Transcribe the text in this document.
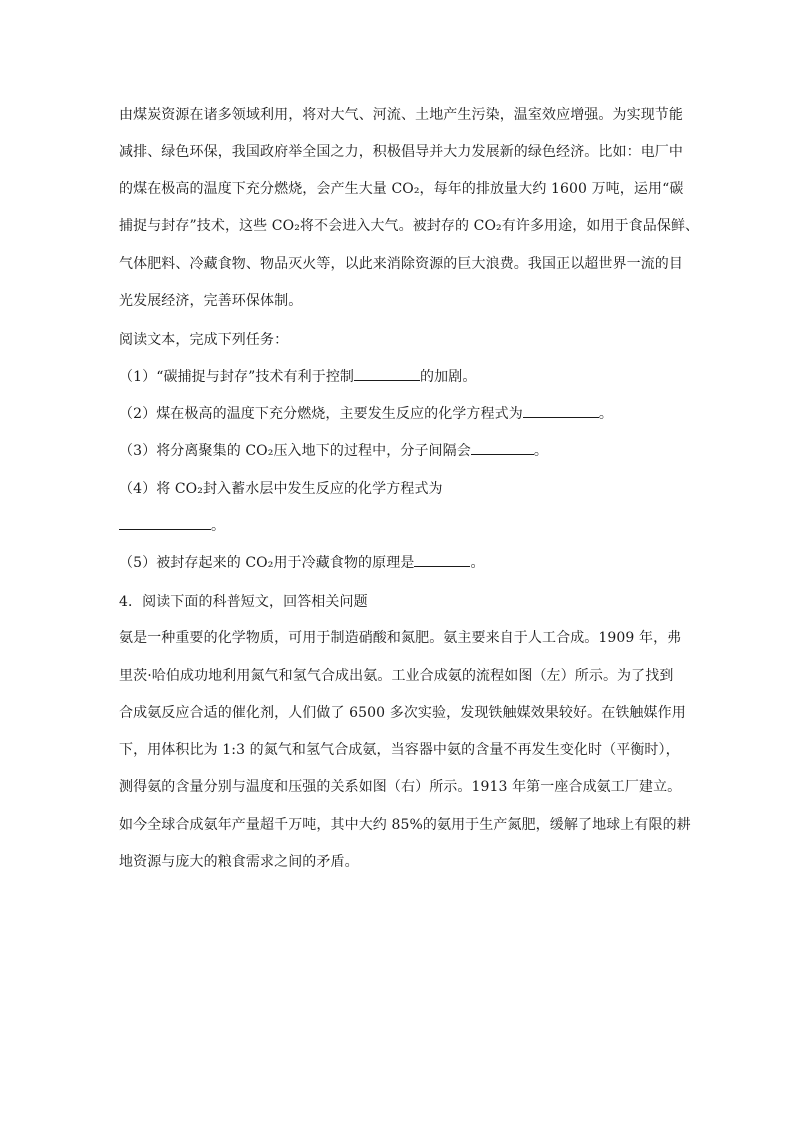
由煤炭资源在诸多领域利用，将对大气、河流、土地产生污染，温室效应增强。为实现节能
减排、绿色环保，我国政府举全国之力，积极倡导并大力发展新的绿色经济。比如：电厂中
的煤在极高的温度下充分燃烧，会产生大量 CO₂，每年的排放量大约 1600 万吨，运用“碳
捕捉与封存”技术，这些 CO₂将不会进入大气。被封存的 CO₂有许多用途，如用于食品保鲜、
气体肥料、冷藏食物、物品灭火等，以此来消除资源的巨大浪费。我国正以超世界一流的目
光发展经济，完善环保体制。
阅读文本，完成下列任务：
（1）“碳捕捉与封存”技术有利于控制	的加剧。
（2）煤在极高的温度下充分燃烧，主要发生反应的化学方程式为	。
（3）将分离聚集的 CO₂压入地下的过程中，分子间隔会	。
（4）将 CO₂封入蓄水层中发生反应的化学方程式为
。
（5）被封存起来的 CO₂用于冷藏食物的原理是	。
4．阅读下面的科普短文，回答相关问题
氨是一种重要的化学物质，可用于制造硝酸和氮肥。氨主要来自于人工合成。1909 年，弗
里茨·哈伯成功地利用氮气和氢气合成出氨。工业合成氨的流程如图（左）所示。为了找到
合成氨反应合适的催化剂，人们做了 6500 多次实验，发现铁触媒效果较好。在铁触媒作用
下，用体积比为 1:3 的氮气和氢气合成氨，当容器中氨的含量不再发生变化时（平衡时），
测得氨的含量分别与温度和压强的关系如图（右）所示。1913 年第一座合成氨工厂建立。
如今全球合成氨年产量超千万吨，其中大约 85%的氨用于生产氮肥，缓解了地球上有限的耕
地资源与庞大的粮食需求之间的矛盾。
